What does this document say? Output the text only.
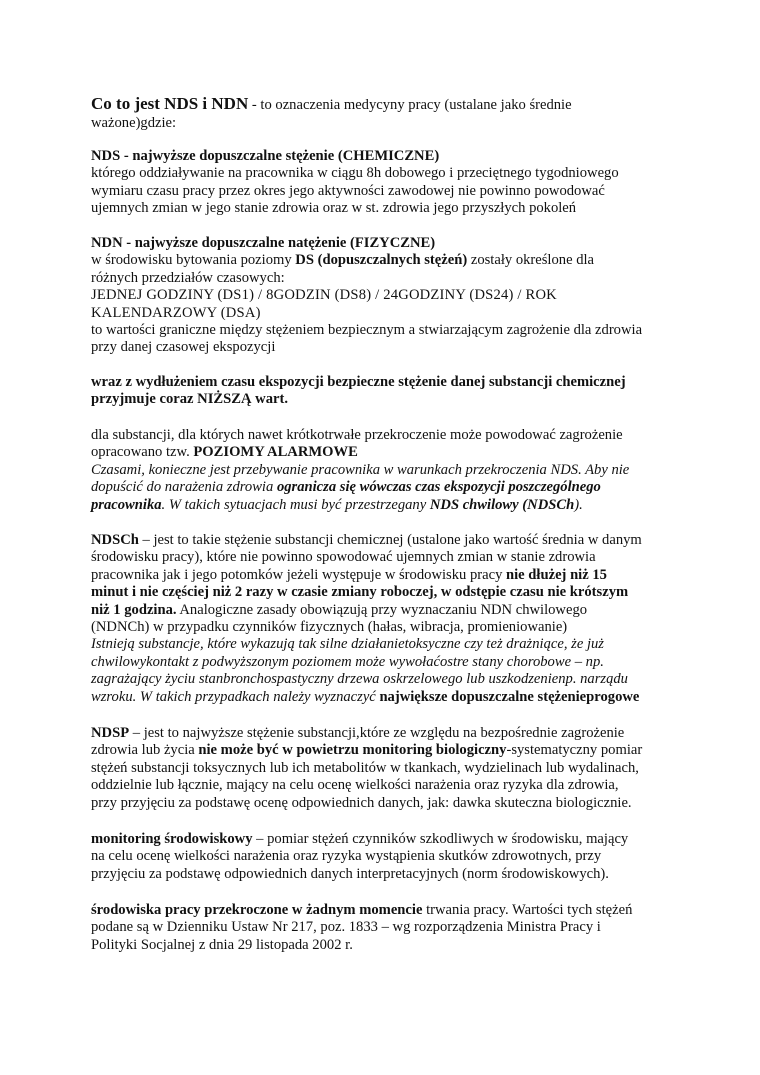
Co to jest NDS i NDN - to oznaczenia medycyny pracy (ustalane jako średnie
ważone)gdzie:
NDS - najwyższe dopuszczalne stężenie (CHEMICZNE)
którego oddziaływanie na pracownika w ciągu 8h dobowego i przeciętnego tygodniowego
wymiaru czasu pracy przez okres jego aktywności zawodowej nie powinno powodować
ujemnych zmian w jego stanie zdrowia oraz w st. zdrowia jego przyszłych pokoleń
NDN - najwyższe dopuszczalne natężenie (FIZYCZNE)
w środowisku bytowania poziomy DS (dopuszczalnych stężeń) zostały określone dla
różnych przedziałów czasowych:
JEDNEJ GODZINY (DS1) / 8GODZIN (DS8) / 24GODZINY (DS24) / ROK
KALENDARZOWY (DSA)
to wartości graniczne między stężeniem bezpiecznym a stwiarzającym zagrożenie dla zdrowia
przy danej czasowej ekspozycji
wraz z wydłużeniem czasu ekspozycji bezpieczne stężenie danej substancji chemicznej
przyjmuje coraz NIŻSZĄ wart.
dla substancji, dla których nawet krótkotrwałe przekroczenie może powodować zagrożenie
opracowano tzw. POZIOMY ALARMOWE
Czasami, konieczne jest przebywanie pracownika w warunkach przekroczenia NDS. Aby nie
dopuścić do narażenia zdrowia ogranicza się wówczas czas ekspozycji poszczególnego
pracownika. W takich sytuacjach musi być przestrzegany NDS chwilowy (NDSCh).
NDSCh – jest to takie stężenie substancji chemicznej (ustalone jako wartość średnia w danym
środowisku pracy), które nie powinno spowodować ujemnych zmian w stanie zdrowia
pracownika jak i jego potomków jeżeli występuje w środowisku pracy nie dłużej niż 15
minut i nie częściej niż 2 razy w czasie zmiany roboczej, w odstępie czasu nie krótszym
niż 1 godzina. Analogiczne zasady obowiązują przy wyznaczaniu NDN chwilowego
(NDNCh) w przypadku czynników fizycznych (hałas, wibracja, promieniowanie)
Istnieją substancje, które wykazują tak silne działanietoksyczne czy też drażniące, że już
chwilowykontakt z podwyższonym poziomem może wywołaćostre stany chorobowe – np.
zagrażający życiu stanbronchospastyczny drzewa oskrzelowego lub uszkodzenienp. narządu
wzroku. W takich przypadkach należy wyznaczyć największe dopuszczalne stężenieprogowe
NDSP – jest to najwyższe stężenie substancji,które ze względu na bezpośrednie zagrożenie
zdrowia lub życia nie może być w powietrzu monitoring biologiczny-systematyczny pomiar
stężeń substancji toksycznych lub ich metabolitów w tkankach, wydzielinach lub wydalinach,
oddzielnie lub łącznie, mający na celu ocenę wielkości narażenia oraz ryzyka dla zdrowia,
przy przyjęciu za podstawę ocenę odpowiednich danych, jak: dawka skuteczna biologicznie.
monitoring środowiskowy – pomiar stężeń czynników szkodliwych w środowisku, mający
na celu ocenę wielkości narażenia oraz ryzyka wystąpienia skutków zdrowotnych, przy
przyjęciu za podstawę odpowiednich danych interpretacyjnych (norm środowiskowych).
środowiska pracy przekroczone w żadnym momencie trwania pracy. Wartości tych stężeń
podane są w Dzienniku Ustaw Nr 217, poz. 1833 – wg rozporządzenia Ministra Pracy i
Polityki Socjalnej z dnia 29 listopada 2002 r.
